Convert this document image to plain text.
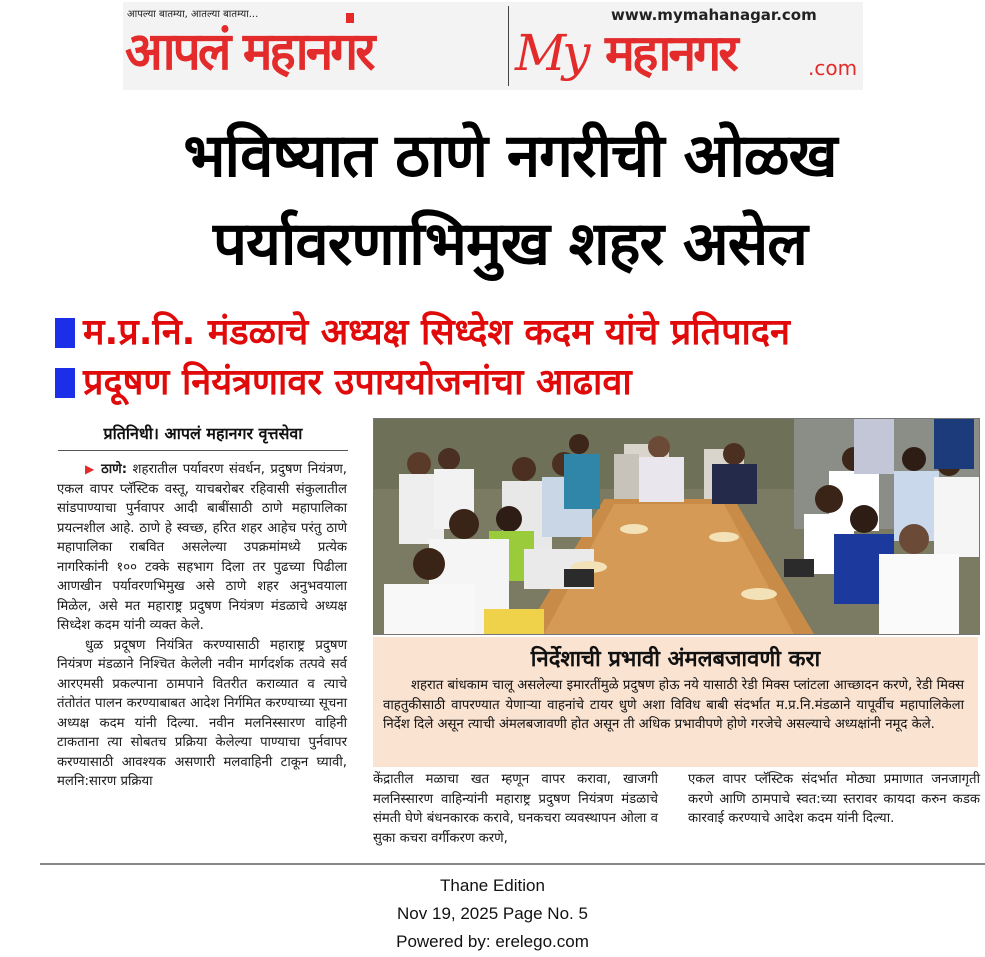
आपल्या बातम्या, आतल्या बातम्या...
आपलं महानगर	My
www.mymahanagar.com
महानगर	.com
भविष्यात ठाणे नगरीची ओळख
पर्यावरणाभिमुख शहर असेल
म.प्र.नि. मंडळाचे अध्यक्ष सिध्देश कदम यांचे प्रतिपादन
प्रदूषण नियंत्रणावर उपाययोजनांचा आढावा
प्रतिनिधी। आपलं महानगर वृत्तसेवा

▶ ठाणे: शहरातील पर्यावरण संवर्धन, प्रदुषण नियंत्रण, एकल वापर प्लॅस्टिक वस्तू, याचबरोबर रहिवासी संकुलातील सांडपाण्याचा पुर्नवापर आदी बाबींसाठी ठाणे महापालिका प्रयत्नशील आहे. ठाणे हे स्वच्छ, हरित शहर आहेच परंतु ठाणे महापालिका राबवित असलेल्या उपक्रमांमध्ये प्रत्येक नागरिकांनी १०० टक्के सहभाग दिला तर पुढच्या पिढीला आणखीन पर्यावरणभिमुख असे ठाणे शहर अनुभवयाला मिळेल, असे मत महाराष्ट्र प्रदुषण नियंत्रण मंडळाचे अध्यक्ष सिध्देश कदम यांनी व्यक्त केले.

धुळ प्रदूषण नियंत्रित करण्यासाठी महाराष्ट्र प्रदुषण नियंत्रण मंडळाने निश्चित केलेली नवीन मार्गदर्शक तत्पवे सर्व आरएमसी प्रकल्पाना ठामपाने वितरीत कराव्यात व त्याचे तंतोतंत पालन करण्याबाबत आदेश निर्गमित करण्याच्या सूचना अध्यक्ष कदम यांनी दिल्या. नवीन मलनिस्सारण वाहिनी टाकताना त्या सोबतच प्रक्रिया केलेल्या पाण्याचा पुर्नवापर करण्यासाठी आवश्यक असणारी मलवाहिनी टाकून घ्यावी, मलनि:सारण प्रक्रिया

निर्देशाची प्रभावी अंमलबजावणी करा

शहरात बांधकाम चालू असलेल्या इमारतींमुळे प्रदुषण होऊ नये यासाठी रेडी मिक्स प्लांटला आच्छादन करणे, रेडी मिक्स वाहतुकीसाठी वापरण्यात येणाऱ्या वाहनांचे टायर धुणे अशा विविध बाबी संदर्भात म.प्र.नि.मंडळाने यापूर्वीच महापालिकेला निर्देश दिले असून त्याची अंमलबजावणी होत असून ती अधिक प्रभावीपणे होणे गरजेचे असल्याचे अध्यक्षांनी नमूद केले.

केंद्रातील मळाचा खत म्हणून वापर करावा, खाजगी मलनिस्सारण वाहिन्यांनी महाराष्ट्र प्रदुषण नियंत्रण मंडळाचे संमती घेणे बंधनकारक करावे, घनकचरा व्यवस्थापन ओला व सुका कचरा वर्गीकरण करणे,

एकल वापर प्लॅस्टिक संदर्भात मोठ्या प्रमाणात जनजागृती करणे आणि ठामपाचे स्वत:च्या स्तरावर कायदा करुन कडक कारवाई करण्याचे आदेश कदम यांनी दिल्या.

Thane Edition
Nov 19, 2025 Page No. 5
Powered by: erelego.com
